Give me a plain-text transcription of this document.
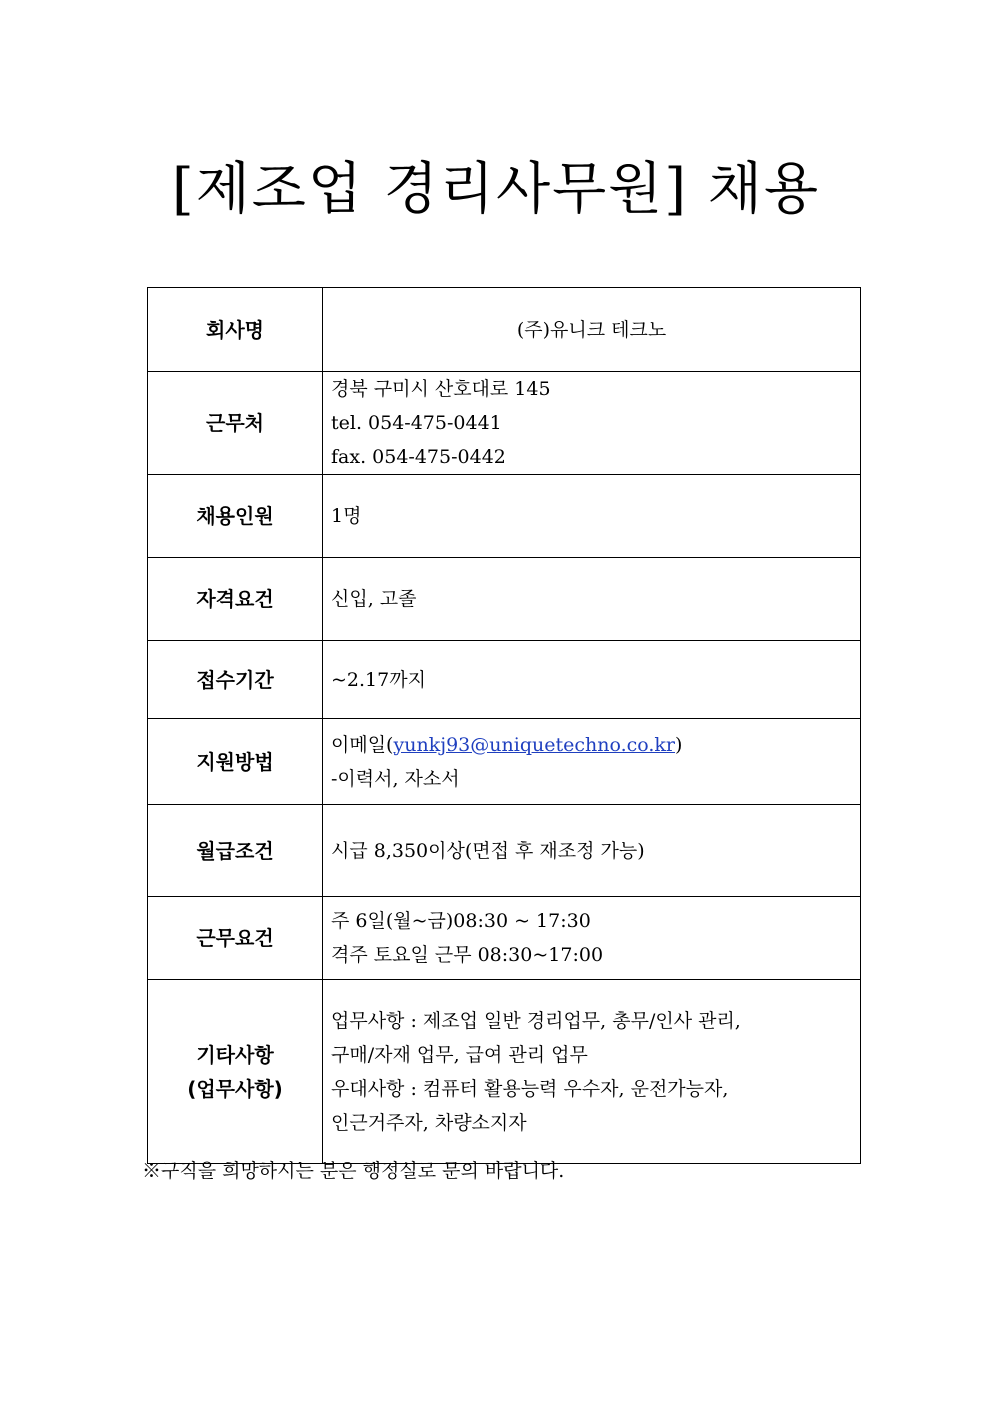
[제조업 경리사무원] 채용
회사명	(주)유니크 테크노
근무처	경북 구미시 산호대로 145
tel. 054-475-0441
fax. 054-475-0442

채용인원	1명
자격요건	신입, 고졸
접수기간	~2.17까지
지원방법	이메일(yunkj93@uniquetechno.co.kr)
-이력서, 자소서

월급조건	시급 8,350이상(면접 후 재조정 가능)
근무요건	주 6일(월~금)08:30 ~ 17:30
격주 토요일 근무 08:30~17:00

기타사항
(업무사항)	업무사항 : 제조업 일반 경리업무, 총무/인사 관리,
구매/자재 업무, 급여 관리 업무
우대사항 : 컴퓨터 활용능력 우수자, 운전가능자,
인근거주자, 차량소지자
※구직을 희망하시는 분은 행정실로 문의 바랍니다.
